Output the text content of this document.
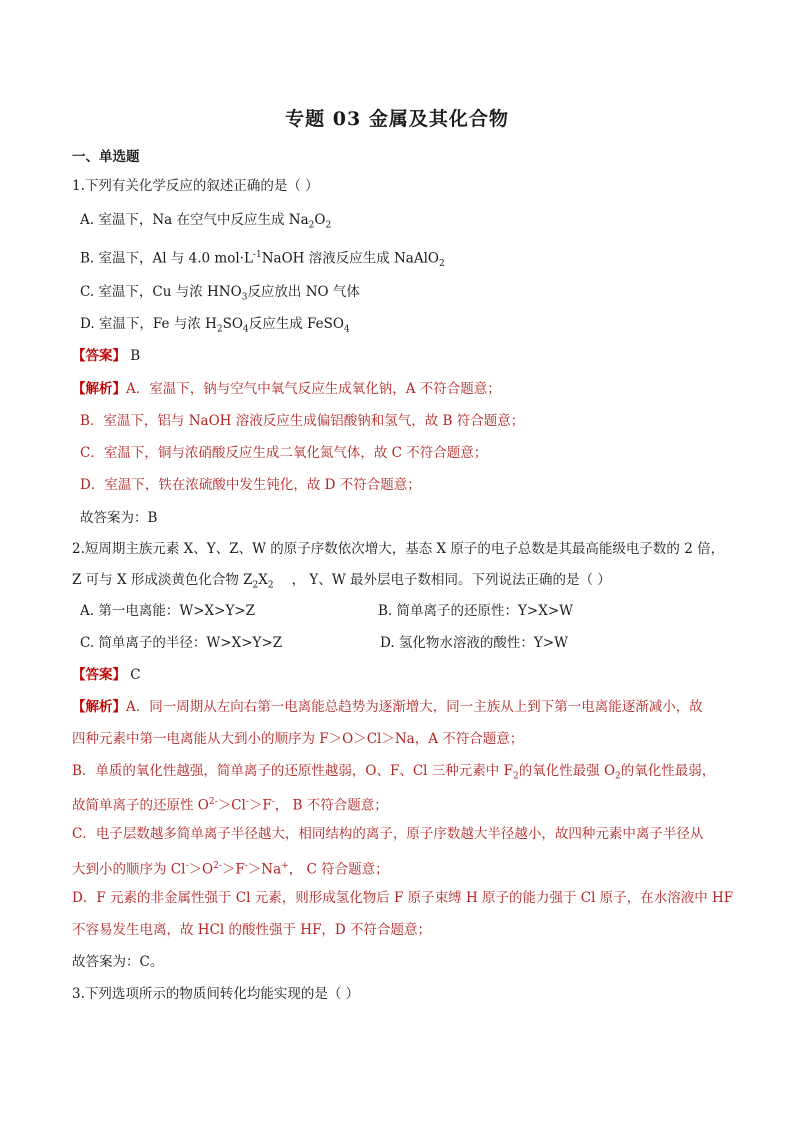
专题 03 金属及其化合物
一、单选题
1.下列有关化学反应的叙述正确的是（ ）
A. 室温下，Na 在空气中反应生成 $Na_2O_2$
B. 室温下，Al 与 4.0 $mol\cdot L^{-1}NaOH$ 溶液反应生成 NaAlO$_2$
C. 室温下，Cu 与浓 $HNO_3$反应放出 NO 气体
D. 室温下，Fe 与浓 $H_2SO_4$反应生成 FeSO$_4$
【答案】 B
【解析】A．室温下，钠与空气中氧气反应生成氧化钠，A 不符合题意；
B．室温下，铝与 NaOH 溶液反应生成偏铝酸钠和氢气，故 B 符合题意；
C．室温下，铜与浓硝酸反应生成二氧化氮气体，故 C 不符合题意；
D．室温下，铁在浓硫酸中发生钝化，故 D 不符合题意；
故答案为：B
2.短周期主族元素 X、Y、Z、W 的原子序数依次增大，基态 X 原子的电子总数是其最高能级电子数的 2 倍，
Z 可与 X 形成淡黄色化合物 $Z_2X_2$ ， Y、W 最外层电子数相同。下列说法正确的是（ ）
A. 第一电离能：W>X>Y>Z	B. 简单离子的还原性：Y>X>W
C. 简单离子的半径：W>X>Y>Z	D. 氢化物水溶液的酸性：Y>W
【答案】 C
【解析】A．同一周期从左向右第一电离能总趋势为逐渐增大，同一主族从上到下第一电离能逐渐减小，故
四种元素中第一电离能从大到小的顺序为 F＞O＞Cl＞Na，A 不符合题意；
B．单质的氧化性越强，简单离子的还原性越弱，O、F、Cl 三种元素中 $F_2$的氧化性最强 $O_2$的氧化性最弱，
故简单离子的还原性 $O^{2-}>Cl^->F^-$， B 不符合题意；
C．电子层数越多简单离子半径越大，相同结构的离子，原子序数越大半径越小，故四种元素中离子半径从
大到小的顺序为 $Cl^->O^{2-}>F^->Na^+$， C 符合题意；
D．F 元素的非金属性强于 Cl 元素，则形成氢化物后 F 原子束缚 H 原子的能力强于 Cl 原子，在水溶液中 HF
不容易发生电离，故 HCl 的酸性强于 HF，D 不符合题意；
故答案为：C。
3.下列选项所示的物质间转化均能实现的是（ ）
